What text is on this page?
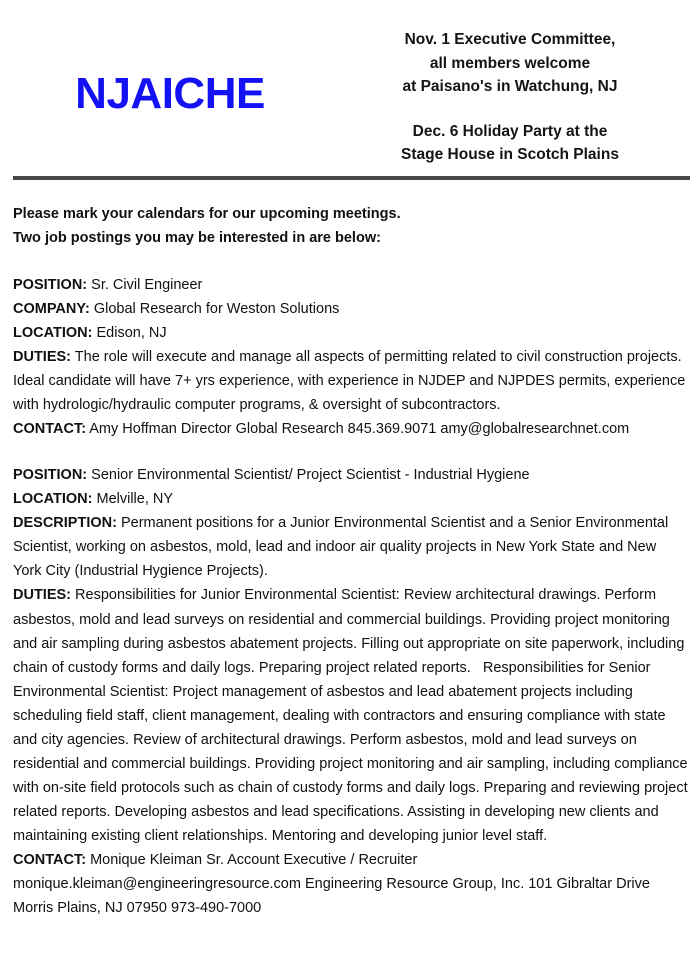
NJAICHE
Nov. 1 Executive Committee,
all members welcome
at Paisano's in Watchung, NJ
Dec. 6 Holiday Party at the
Stage House in Scotch Plains
Please mark your calendars for our upcoming meetings.
Two job postings you may be interested in are below:

POSITION: Sr. Civil Engineer

COMPANY: Global Research for Weston Solutions

LOCATION: Edison, NJ

DUTIES: The role will execute and manage all aspects of permitting related to civil construction projects. Ideal candidate will have 7+ yrs experience, with experience in NJDEP and NJPDES permits, experience with hydrologic/hydraulic computer programs, & oversight of subcontractors.

CONTACT: Amy Hoffman Director Global Research 845.369.9071 amy@globalresearchnet.com

POSITION: Senior Environmental Scientist/ Project Scientist - Industrial Hygiene

LOCATION: Melville, NY

DESCRIPTION: Permanent positions for a Junior Environmental Scientist and a Senior Environmental Scientist, working on asbestos, mold, lead and indoor air quality projects in New York State and New York City (Industrial Hygience Projects).

DUTIES: Responsibilities for Junior Environmental Scientist: Review architectural drawings. Perform asbestos, mold and lead surveys on residential and commercial buildings. Providing project monitoring and air sampling during asbestos abatement projects. Filling out appropriate on site paperwork, including chain of custody forms and daily logs. Preparing project related reports.   Responsibilities for Senior Environmental Scientist: Project management of asbestos and lead abatement projects including scheduling field staff, client management, dealing with contractors and ensuring compliance with state and city agencies. Review of architectural drawings. Perform asbestos, mold and lead surveys on residential and commercial buildings. Providing project monitoring and air sampling, including compliance with on-site field protocols such as chain of custody forms and daily logs. Preparing and reviewing project related reports. Developing asbestos and lead specifications. Assisting in developing new clients and maintaining existing client relationships. Mentoring and developing junior level staff.

CONTACT: Monique Kleiman Sr. Account Executive / Recruiter monique.kleiman@engineeringresource.com Engineering Resource Group, Inc. 101 Gibraltar Drive Morris Plains, NJ 07950 973-490-7000
